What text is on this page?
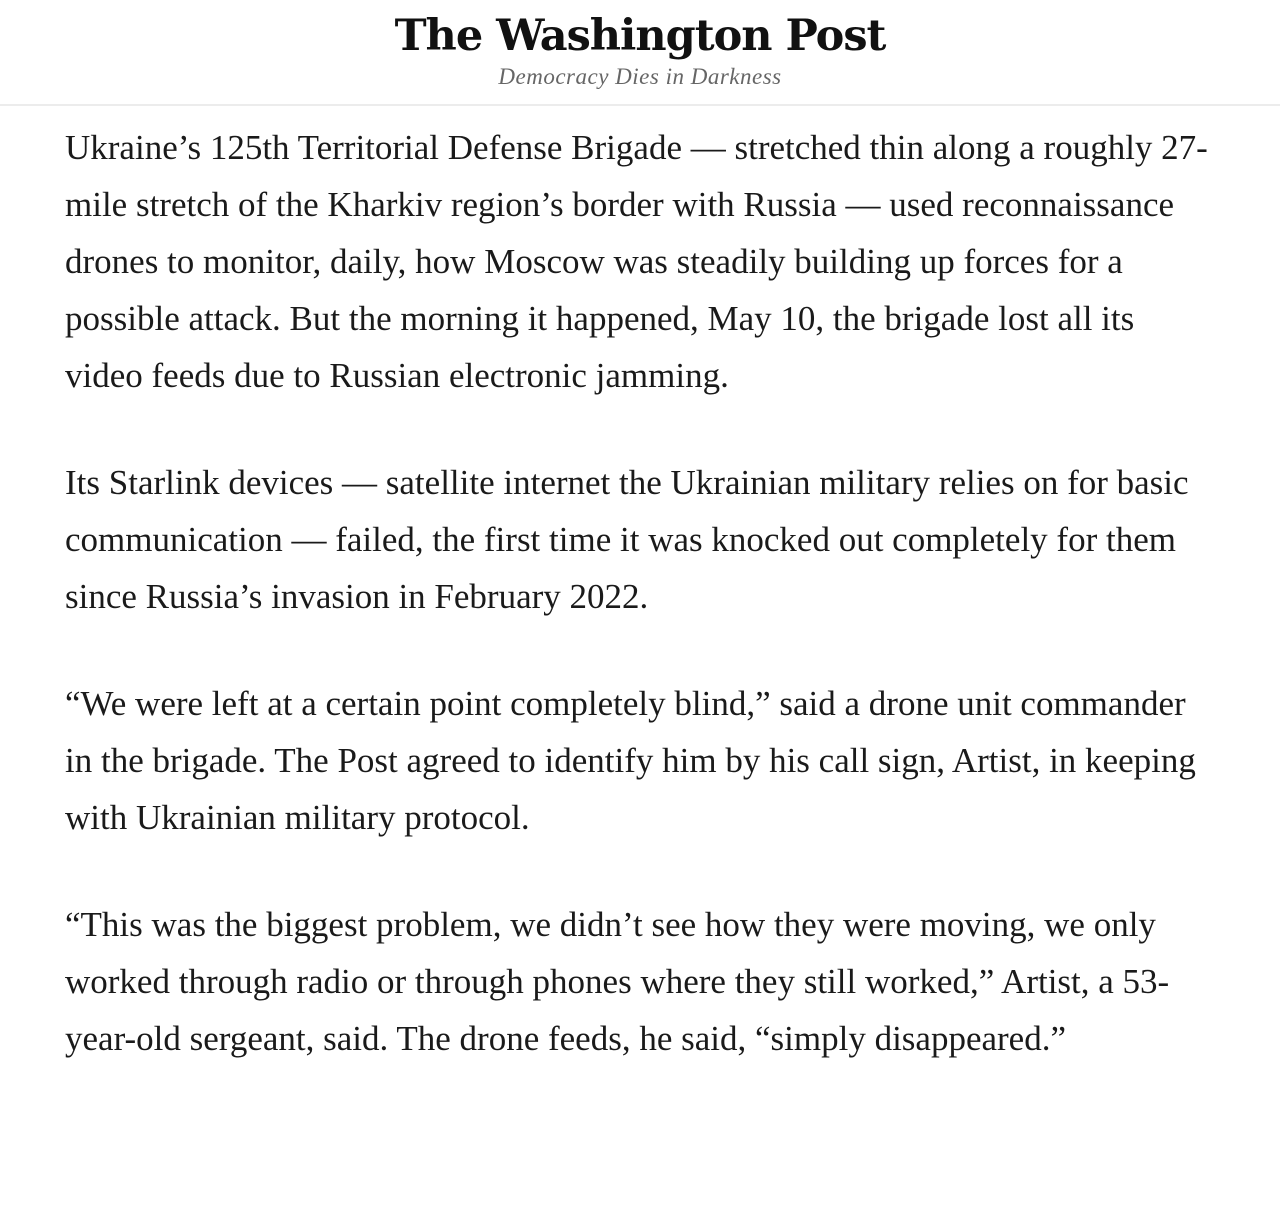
The Washington Post
Democracy Dies in Darkness

Ukraine’s 125th Territorial Defense Brigade — stretched thin along a roughly 27-mile stretch of the Kharkiv region’s border with Russia — used reconnaissance drones to monitor, daily, how Moscow was steadily building up forces for a possible attack. But the morning it happened, May 10, the brigade lost all its video feeds due to Russian electronic jamming.

Its Starlink devices — satellite internet the Ukrainian military relies on for basic communication — failed, the first time it was knocked out completely for them since Russia’s invasion in February 2022.

“We were left at a certain point completely blind,” said a drone unit commander in the brigade. The Post agreed to identify him by his call sign, Artist, in keeping with Ukrainian military protocol.

“This was the biggest problem, we didn’t see how they were moving, we only worked through radio or through phones where they still worked,” Artist, a 53-year-old sergeant, said. The drone feeds, he said, “simply disappeared.”
